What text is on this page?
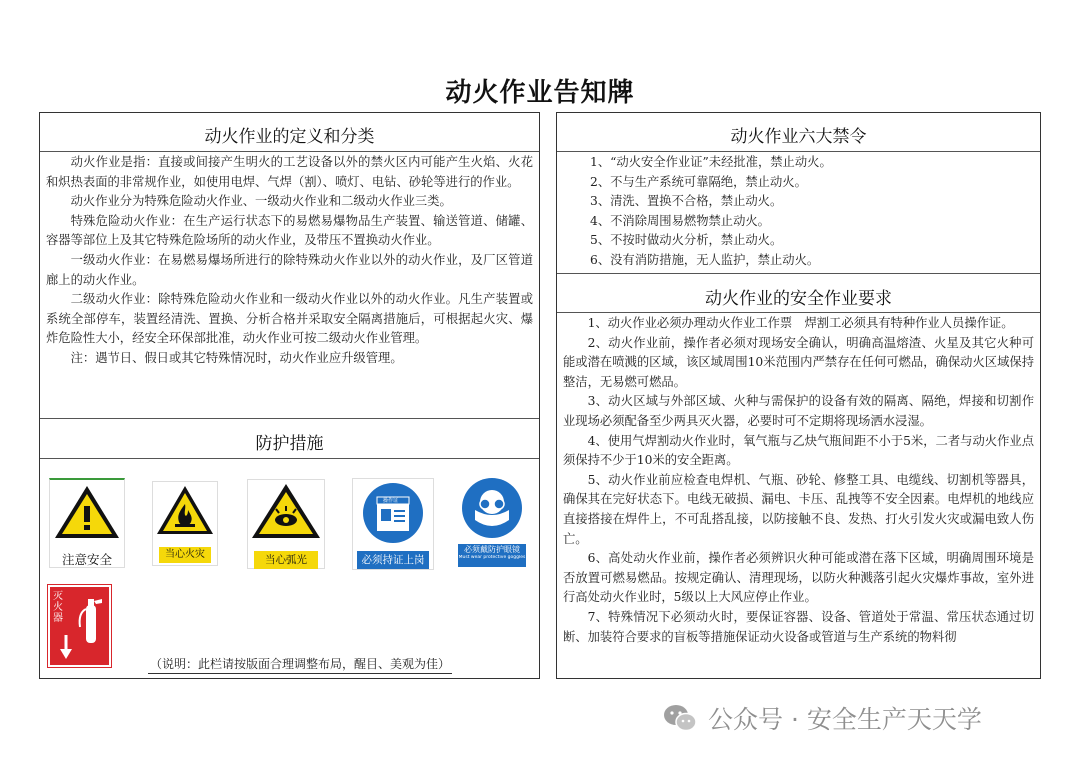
动火作业告知牌
动火作业的定义和分类

动火作业是指：直接或间接产生明火的工艺设备以外的禁火区内可能产生火焰、火花和炽热表面的非常规作业，如使用电焊、气焊（割）、喷灯、电钻、砂轮等进行的作业。

动火作业分为特殊危险动火作业、一级动火作业和二级动火作业三类。

特殊危险动火作业：在生产运行状态下的易燃易爆物品生产装置、输送管道、储罐、容器等部位上及其它特殊危险场所的动火作业，及带压不置换动火作业。

一级动火作业：在易燃易爆场所进行的除特殊动火作业以外的动火作业，及厂区管道廊上的动火作业。

二级动火作业：除特殊危险动火作业和一级动火作业以外的动火作业。凡生产装置或系统全部停车，装置经清洗、置换、分析合格并采取安全隔离措施后，可根据起火灾、爆炸危险性大小，经安全环保部批准，动火作业可按二级动火作业管理。

注：遇节日、假日或其它特殊情况时，动火作业应升级管理。

防护措施
注意安全	当心火灾	当心弧光
操作证
必须持证上岗
必须戴防护眼镜
Must wear protective goggles
灭火器
（说明：此栏请按版面合理调整布局，醒目、美观为佳）
动火作业六大禁令
1、“动火安全作业证”未经批准，禁止动火。
2、不与生产系统可靠隔绝，禁止动火。
3、清洗、置换不合格，禁止动火。
4、不消除周围易燃物禁止动火。
5、不按时做动火分析，禁止动火。
6、没有消防措施，无人监护，禁止动火。
动火作业的安全作业要求

1、动火作业必须办理动火作业工作票　焊割工必须具有特种作业人员操作证。

2、动火作业前，操作者必须对现场安全确认，明确高温熔渣、火星及其它火种可能或潜在喷溅的区域，该区域周围10米范围内严禁存在任何可燃品，确保动火区域保持整洁，无易燃可燃品。

3、动火区域与外部区域、火种与需保护的设备有效的隔离、隔绝，焊接和切割作业现场必须配备至少两具灭火器，必要时可不定期将现场洒水浸湿。

4、使用气焊割动火作业时，氧气瓶与乙炔气瓶间距不小于5米，二者与动火作业点须保持不少于10米的安全距离。

5、动火作业前应检查电焊机、气瓶、砂轮、修整工具、电缆线、切割机等器具，确保其在完好状态下。电线无破损、漏电、卡压、乱拽等不安全因素。电焊机的地线应直接搭接在焊件上，不可乱搭乱接，以防接触不良、发热、打火引发火灾或漏电致人伤亡。

6、高处动火作业前，操作者必须辨识火种可能或潜在落下区域，明确周围环境是否放置可燃易燃品。按规定确认、清理现场，以防火种溅落引起火灾爆炸事故，室外进行高处动火作业时，5级以上大风应停止作业。

7、特殊情况下必须动火时，要保证容器、设备、管道处于常温、常压状态通过切断、加装符合要求的盲板等措施保证动火设备或管道与生产系统的物料彻

公众号 · 安全生产天天学
